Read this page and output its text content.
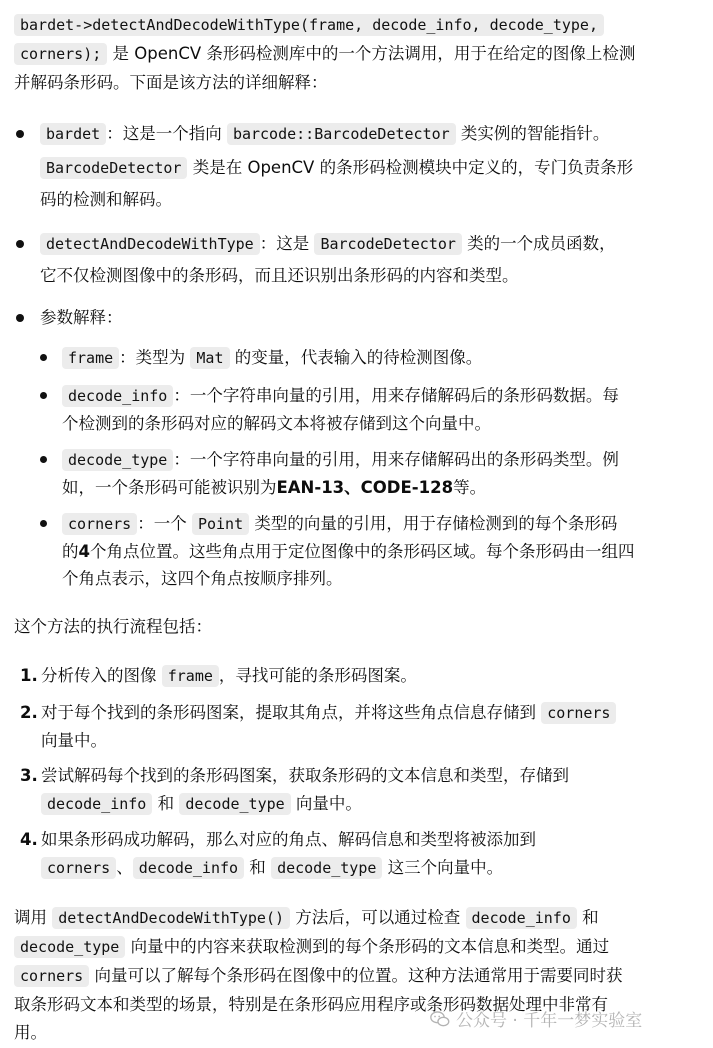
bardet->detectAndDecodeWithType(frame, decode_info, decode_type,
corners); 是 OpenCV 条形码检测库中的一个方法调用，用于在给定的图像上检测
并解码条形码。下面是该方法的详细解释：
bardet ：这是一个指向 barcode::BarcodeDetector 类实例的智能指针。
BarcodeDetector 类是在 OpenCV 的条形码检测模块中定义的，专门负责条形
码的检测和解码。
detectAndDecodeWithType ：这是 BarcodeDetector 类的一个成员函数，
它不仅检测图像中的条形码，而且还识别出条形码的内容和类型。
参数解释：
frame ：类型为 Mat 的变量，代表输入的待检测图像。
decode_info ：一个字符串向量的引用，用来存储解码后的条形码数据。每
个检测到的条形码对应的解码文本将被存储到这个向量中。
decode_type ：一个字符串向量的引用，用来存储解码出的条形码类型。例
如，一个条形码可能被识别为EAN-13、CODE-128等。
corners ：一个 Point 类型的向量的引用，用于存储检测到的每个条形码
的4个角点位置。这些角点用于定位图像中的条形码区域。每个条形码由一组四
个角点表示，这四个角点按顺序排列。
这个方法的执行流程包括：
1. 分析传入的图像 frame ，寻找可能的条形码图案。
2. 对于每个找到的条形码图案，提取其角点，并将这些角点信息存储到 corners
向量中。
3. 尝试解码每个找到的条形码图案，获取条形码的文本信息和类型，存储到
decode_info 和 decode_type 向量中。
4. 如果条形码成功解码，那么对应的角点、解码信息和类型将被添加到
corners 、 decode_info 和 decode_type 这三个向量中。
调用 detectAndDecodeWithType() 方法后，可以通过检查 decode_info 和
decode_type 向量中的内容来获取检测到的每个条形码的文本信息和类型。通过
corners 向量可以了解每个条形码在图像中的位置。这种方法通常用于需要同时获
取条形码文本和类型的场景，特别是在条形码应用程序或条形码数据处理中非常有
用。
公众号 · 千年一梦实验室
